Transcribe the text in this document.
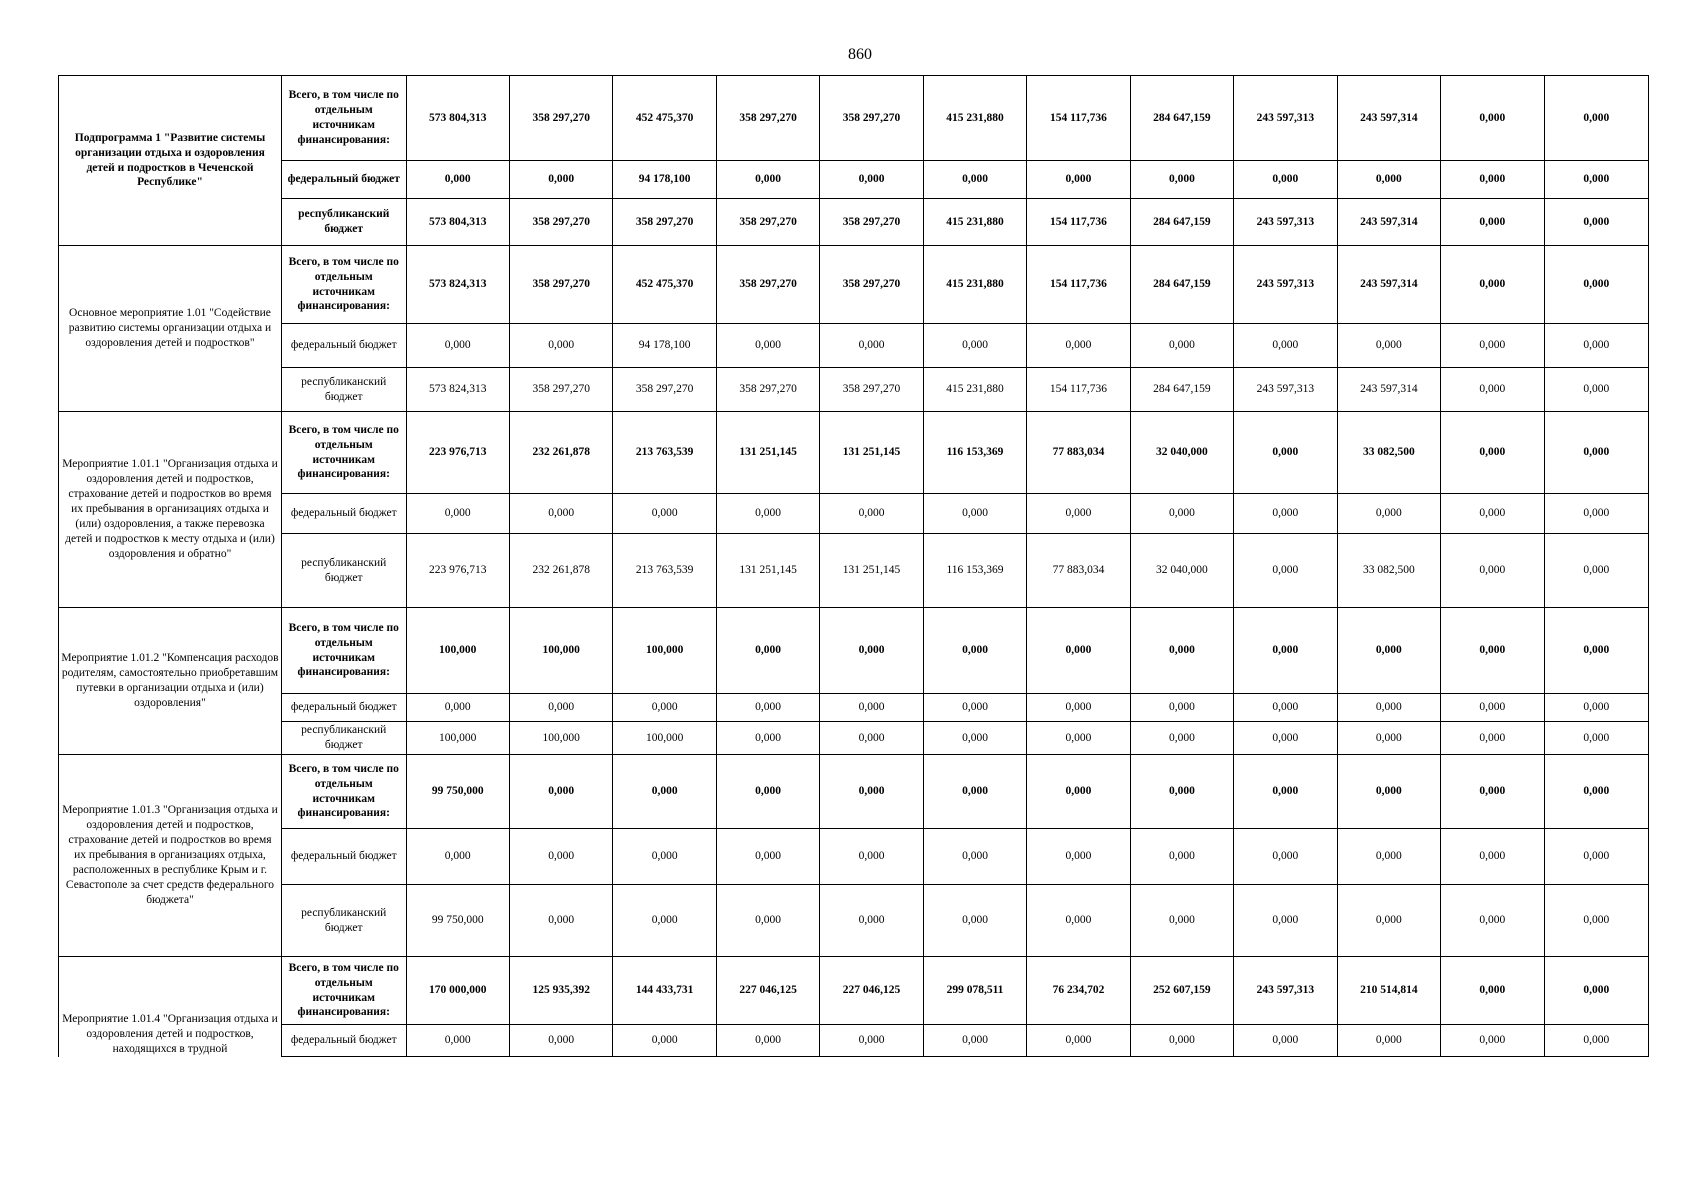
860
Подпрограмма 1 "Развитие системы организации отдыха и оздоровления детей и подростков в Чеченской Республике"	Всего, в том числе по отдельным источникам финансирования:	573 804,313	358 297,270	452 475,370	358 297,270	358 297,270	415 231,880	154 117,736	284 647,159	243 597,313	243 597,314	0,000	0,000
	федеральный бюджет	0,000	0,000	94 178,100	0,000	0,000	0,000	0,000	0,000	0,000	0,000	0,000	0,000
	республиканский бюджет	573 804,313	358 297,270	358 297,270	358 297,270	358 297,270	415 231,880	154 117,736	284 647,159	243 597,313	243 597,314	0,000	0,000
Основное мероприятие 1.01 "Содействие развитию системы организации отдыха и оздоровления детей и подростков"	Всего, в том числе по отдельным источникам финансирования:	573 824,313	358 297,270	452 475,370	358 297,270	358 297,270	415 231,880	154 117,736	284 647,159	243 597,313	243 597,314	0,000	0,000
	федеральный бюджет	0,000	0,000	94 178,100	0,000	0,000	0,000	0,000	0,000	0,000	0,000	0,000	0,000
	республиканский бюджет	573 824,313	358 297,270	358 297,270	358 297,270	358 297,270	415 231,880	154 117,736	284 647,159	243 597,313	243 597,314	0,000	0,000
Мероприятие 1.01.1 "Организация отдыха и оздоровления детей и подростков, страхование детей и подростков во время их пребывания в организациях отдыха и (или) оздоровления, а также перевозка детей и подростков к месту отдыха и (или) оздоровления и обратно"	Всего, в том числе по отдельным источникам финансирования:	223 976,713	232 261,878	213 763,539	131 251,145	131 251,145	116 153,369	77 883,034	32 040,000	0,000	33 082,500	0,000	0,000
	федеральный бюджет	0,000	0,000	0,000	0,000	0,000	0,000	0,000	0,000	0,000	0,000	0,000	0,000
	республиканский бюджет	223 976,713	232 261,878	213 763,539	131 251,145	131 251,145	116 153,369	77 883,034	32 040,000	0,000	33 082,500	0,000	0,000
Мероприятие 1.01.2 "Компенсация расходов родителям, самостоятельно приобретавшим путевки в организации отдыха и (или) оздоровления"	Всего, в том числе по отдельным источникам финансирования:	100,000	100,000	100,000	0,000	0,000	0,000	0,000	0,000	0,000	0,000	0,000	0,000
	федеральный бюджет	0,000	0,000	0,000	0,000	0,000	0,000	0,000	0,000	0,000	0,000	0,000	0,000
	республиканский бюджет	100,000	100,000	100,000	0,000	0,000	0,000	0,000	0,000	0,000	0,000	0,000	0,000
Мероприятие 1.01.3 "Организация отдыха и оздоровления детей и подростков, страхование детей и подростков во время их пребывания в организациях отдыха, расположенных в республике Крым и г. Севастополе за счет средств федерального бюджета"	Всего, в том числе по отдельным источникам финансирования:	99 750,000	0,000	0,000	0,000	0,000	0,000	0,000	0,000	0,000	0,000	0,000	0,000
	федеральный бюджет	0,000	0,000	0,000	0,000	0,000	0,000	0,000	0,000	0,000	0,000	0,000	0,000
	республиканский бюджет	99 750,000	0,000	0,000	0,000	0,000	0,000	0,000	0,000	0,000	0,000	0,000	0,000

Мероприятие 1.01.4 "Организация отдыха и оздоровления детей и подростков, находящихся в трудной	Всего, в том числе по отдельным источникам финансирования:	170 000,000	125 935,392	144 433,731	227 046,125	227 046,125	299 078,511	76 234,702	252 607,159	243 597,313	210 514,814	0,000	0,000
	федеральный бюджет	0,000	0,000	0,000	0,000	0,000	0,000	0,000	0,000	0,000	0,000	0,000	0,000
